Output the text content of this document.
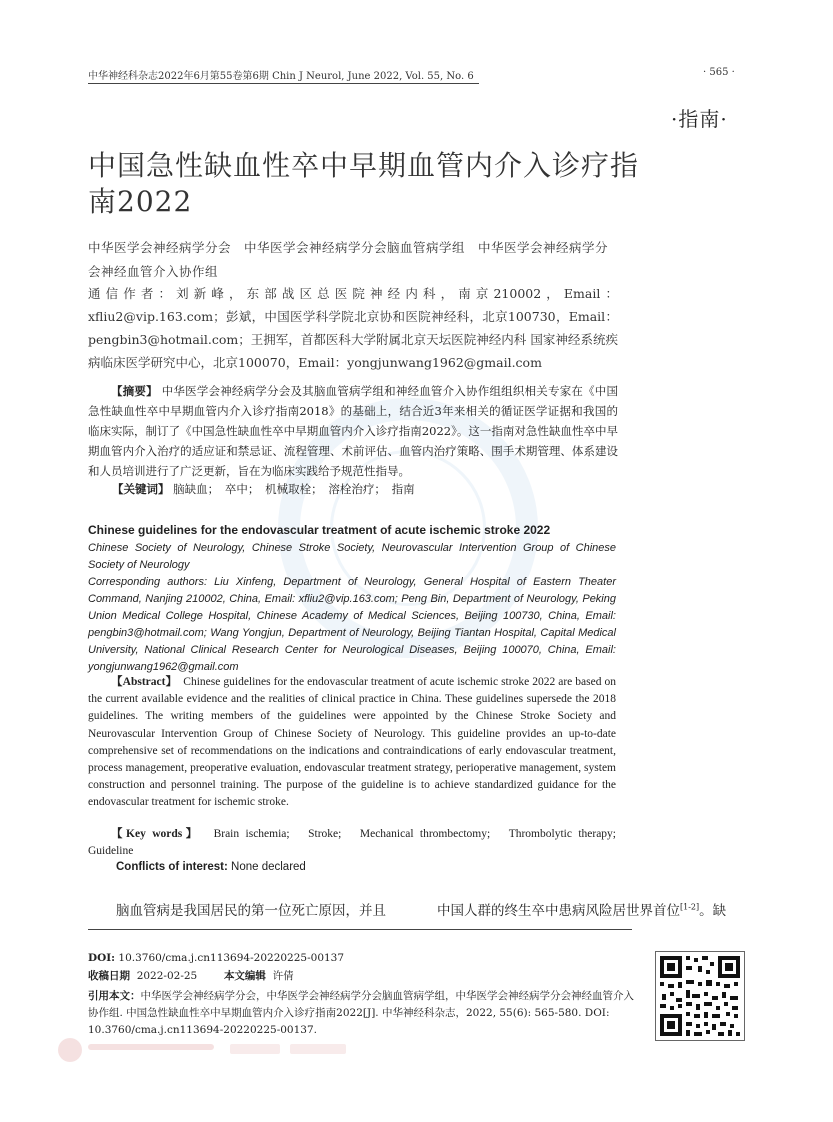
中华神经科杂志2022年6月第55卷第6期 Chin J Neurol, June 2022, Vol. 55, No. 6	· 565 ·
·指南·
中国急性缺血性卒中早期血管内介入诊疗指南2022
中华医学会神经病学分会　中华医学会神经病学分会脑血管病学组　中华医学会神经病学分会神经血管介入协作组
通信作者：刘新峰，东部战区总医院神经内科，南京210002，Email：xfliu2@vip.163.com；彭斌，中国医学科学院北京协和医院神经科，北京100730，Email：pengbin3@hotmail.com；王拥军，首都医科大学附属北京天坛医院神经内科 国家神经系统疾病临床医学研究中心，北京100070，Email：yongjunwang1962@gmail.com
【摘要】 中华医学会神经病学分会及其脑血管病学组和神经血管介入协作组组织相关专家在《中国急性缺血性卒中早期血管内介入诊疗指南2018》的基础上，结合近3年来相关的循证医学证据和我国的临床实际，制订了《中国急性缺血性卒中早期血管内介入诊疗指南2022》。这一指南对急性缺血性卒中早期血管内介入治疗的适应证和禁忌证、流程管理、术前评估、血管内治疗策略、围手术期管理、体系建设和人员培训进行了广泛更新，旨在为临床实践给予规范性指导。
【关键词】 脑缺血；　卒中；　机械取栓；　溶栓治疗；　指南
Chinese guidelines for the endovascular treatment of acute ischemic stroke 2022
Chinese Society of Neurology, Chinese Stroke Society, Neurovascular Intervention Group of Chinese Society of Neurology
Corresponding authors: Liu Xinfeng, Department of Neurology, General Hospital of Eastern Theater Command, Nanjing 210002, China, Email: xfliu2@vip.163.com; Peng Bin, Department of Neurology, Peking Union Medical College Hospital, Chinese Academy of Medical Sciences, Beijing 100730, China, Email: pengbin3@hotmail.com; Wang Yongjun, Department of Neurology, Beijing Tiantan Hospital, Capital Medical University, National Clinical Research Center for Neurological Diseases, Beijing 100070, China, Email: yongjunwang1962@gmail.com
【Abstract】 Chinese guidelines for the endovascular treatment of acute ischemic stroke 2022 are based on the current available evidence and the realities of clinical practice in China. These guidelines supersede the 2018 guidelines. The writing members of the guidelines were appointed by the Chinese Stroke Society and Neurovascular Intervention Group of Chinese Society of Neurology. This guideline provides an up-to-date comprehensive set of recommendations on the indications and contraindications of early endovascular treatment, process management, preoperative evaluation, endovascular treatment strategy, perioperative management, system construction and personnel training. The purpose of the guideline is to achieve standardized guidance for the endovascular treatment for ischemic stroke.
【Key words】 Brain ischemia;　Stroke;　Mechanical thrombectomy;　Thrombolytic therapy;　Guideline
Conflicts of interest: None declared
脑血管病是我国居民的第一位死亡原因，并且	中国人群的终生卒中患病风险居世界首位[1-2]。缺
DOI: 10.3760/cma.j.cn113694-20220225-00137
收稿日期 2022-02-25	本文编辑 许倩
引用本文：中华医学会神经病学分会，中华医学会神经病学分会脑血管病学组，中华医学会神经病学分会神经血管介入协作组. 中国急性缺血性卒中早期血管内介入诊疗指南2022[J]. 中华神经科杂志，2022, 55(6): 565-580. DOI: 10.3760/cma.j.cn113694-20220225-00137.
